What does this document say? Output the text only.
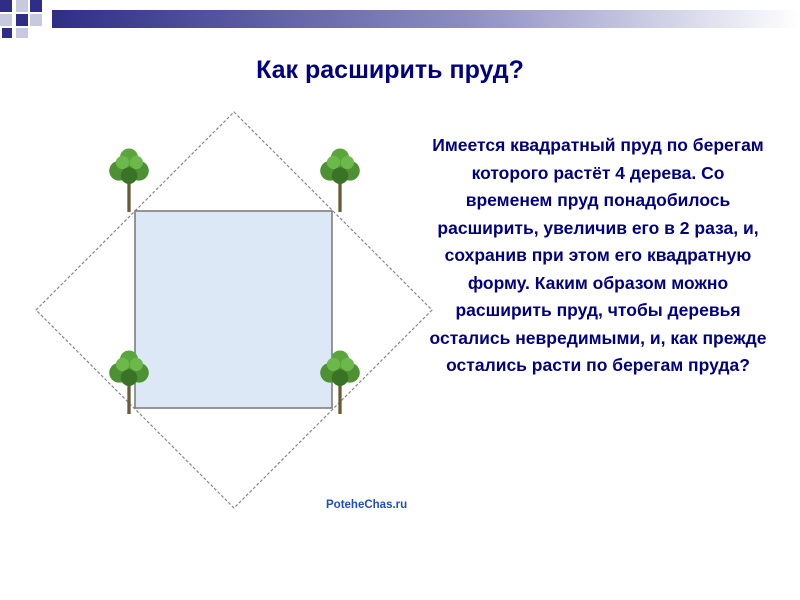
Как расширить пруд?
Имеется квадратный пруд по берегам которого растёт 4 дерева. Со временем пруд понадобилось расширить, увеличив его в 2 раза, и, сохранив при этом его квадратную форму. Каким образом можно расширить пруд, чтобы деревья остались невредимыми, и, как прежде остались расти по берегам пруда?
PoteheChas.ru
